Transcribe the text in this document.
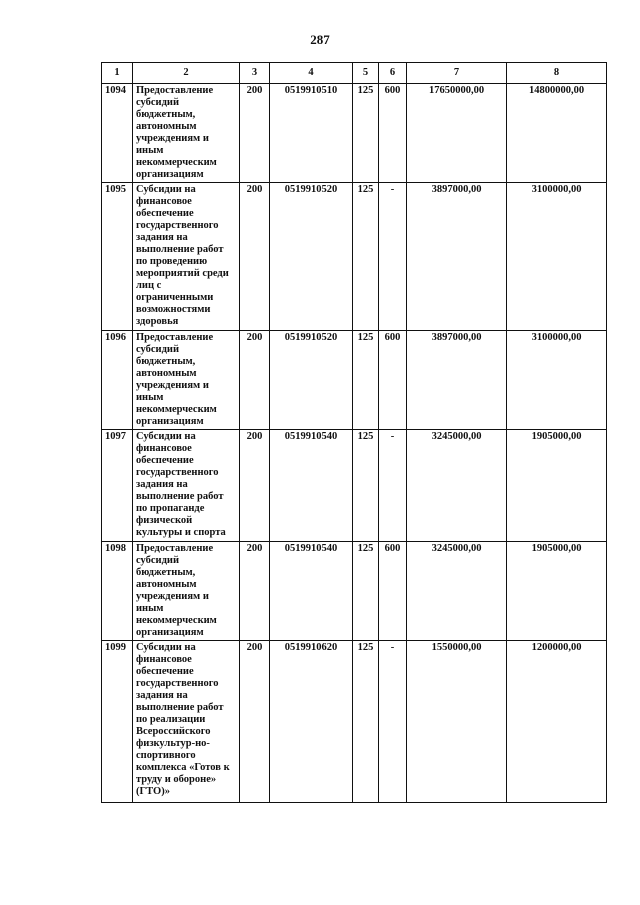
287
1	2	3	4	5	6	7	8
1094	Предоставление субсидий бюджетным, автономным учреждениям и иным некоммерческим организациям	200	0519910510	125	600	17650000,00	14800000,00
1095	Субсидии на финансовое обеспечение государственного задания на выполнение работ по проведению мероприятий среди лиц с ограниченными возможностями здоровья	200	0519910520	125	-	3897000,00	3100000,00
1096	Предоставление субсидий бюджетным, автономным учреждениям и иным некоммерческим организациям	200	0519910520	125	600	3897000,00	3100000,00
1097	Субсидии на финансовое обеспечение государственного задания на выполнение работ по пропаганде физической культуры и спорта	200	0519910540	125	-	3245000,00	1905000,00
1098	Предоставление субсидий бюджетным, автономным учреждениям и иным некоммерческим организациям	200	0519910540	125	600	3245000,00	1905000,00
1099	Субсидии на финансовое обеспечение государственного задания на выполнение работ по реализации Всероссийского физкультур-но-спортивного комплекса «Готов к труду и обороне» (ГТО)»	200	0519910620	125	-	1550000,00	1200000,00
